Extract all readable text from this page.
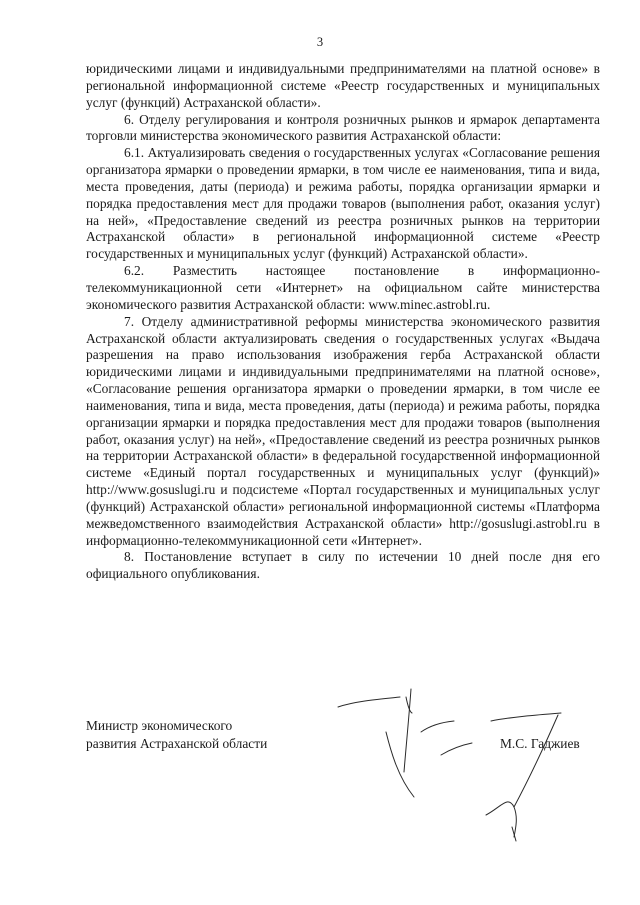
3

юридическими лицами и индивидуальными предпринимателями на платной основе» в региональной информационной системе «Реестр государственных и муниципальных услуг (функций) Астраханской области».

6. Отделу регулирования и контроля розничных рынков и ярмарок департамента торговли министерства экономического развития Астраханской области:

6.1. Актуализировать сведения о государственных услугах «Согласование решения организатора ярмарки о проведении ярмарки, в том числе ее наименования, типа и вида, места проведения, даты (периода) и режима работы, порядка организации ярмарки и порядка предоставления мест для продажи товаров (выполнения работ, оказания услуг) на ней», «Предоставление сведений из реестра розничных рынков на территории Астраханской области» в региональной информационной системе «Реестр государственных и муниципальных услуг (функций) Астраханской области».

6.2. Разместить настоящее постановление в информационно-телекоммуникационной сети «Интернет» на официальном сайте министерства экономического развития Астраханской области: www.minec.astrobl.ru.

7. Отделу административной реформы министерства экономического развития Астраханской области актуализировать сведения о государственных услугах «Выдача разрешения на право использования изображения герба Астраханской области юридическими лицами и индивидуальными предпринимателями на платной основе», «Согласование решения организатора ярмарки о проведении ярмарки, в том числе ее наименования, типа и вида, места проведения, даты (периода) и режима работы, порядка организации ярмарки и порядка предоставления мест для продажи товаров (выполнения работ, оказания услуг) на ней», «Предоставление сведений из реестра розничных рынков на территории Астраханской области» в федеральной государственной информационной системе «Единый портал государственных и муниципальных услуг (функций)» http://www.gosuslugi.ru и подсистеме «Портал государственных и муниципальных услуг (функций) Астраханской области» региональной информационной системы «Платформа межведомственного взаимодействия Астраханской области» http://gosuslugi.astrobl.ru в информационно-телекоммуникационной сети «Интернет».

8. Постановление вступает в силу по истечении 10 дней после дня его официального опубликования.

Министр экономического
развития Астраханской области	М.С. Гаджиев
